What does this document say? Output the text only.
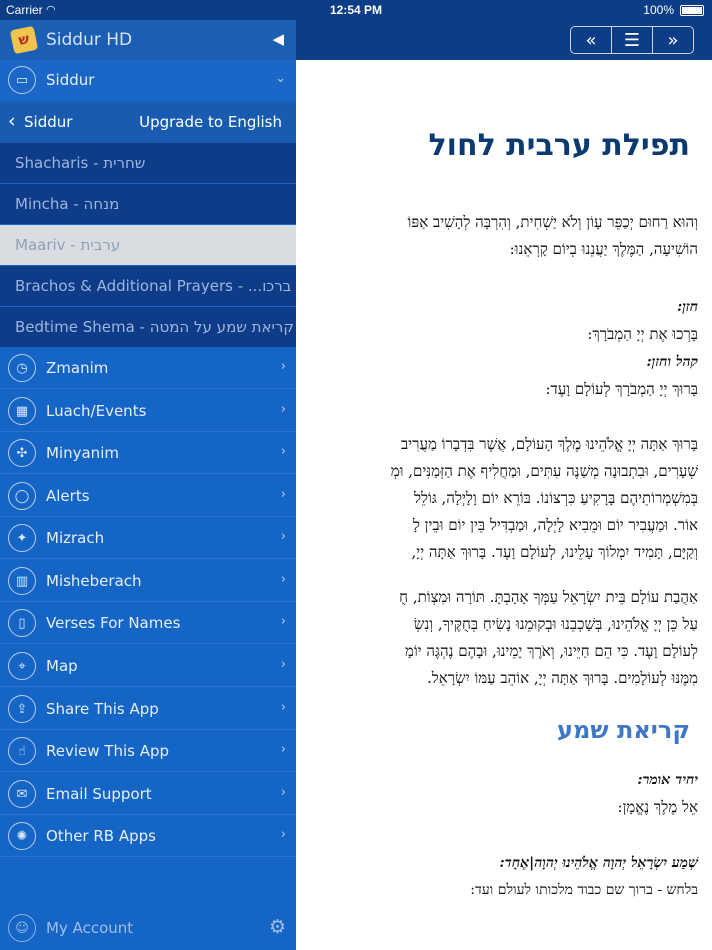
Carrier ◠	12:54 PM	100%
« ☰ »
תפילת ערבית לחול
וְהוּא רַחוּם יְכַפֵּר עָוֹן וְלֹא יַשְׁחִית, וְהִרְבָּה לְהָשִׁיב אַפּוֹ
הוֹשִׁיעָה, הַמֶּלֶךְ יַעֲנֵנוּ בְיוֹם קָרְאֵנוּ:
חזן:
בָּרְכוּ אֶת יְיָ הַמְבֹרָךְ:
קהל וחזן:
בָּרוּךְ יְיָ הַמְבֹרָךְ לְעוֹלָם וָעֶד:
בָּרוּךְ אַתָּה יְיָ אֱלֹהֵינוּ מֶלֶךְ הָעוֹלָם, אֲשֶׁר בִּדְבָרוֹ מַעֲרִיב
שְׁעָרִים, וּבִתְבוּנָה מְשַׁנֶּה עִתִּים, וּמַחֲלִיף אֶת הַזְּמַנִּים, וּמְ
בְּמִשְׁמְרוֹתֵיהֶם בָּרָקִיעַ כִּרְצוֹנוֹ. בּוֹרֵא יוֹם וָלָיְלָה, גּוֹלֵל
אוֹר. וּמַעֲבִיר יוֹם וּמֵבִיא לָיְלָה, וּמַבְדִּיל בֵּין יוֹם וּבֵין לָ
וְקַיָּם, תָּמִיד יִמְלוֹךְ עָלֵינוּ, לְעוֹלָם וָעֶד. בָּרוּךְ אַתָּה יְיָ,
אַהֲבַת עוֹלָם בֵּית יִשְׂרָאֵל עַמְּךָ אָהָבְתָּ. תּוֹרָה וּמִצְוֹת, חֻ
עַל כֵּן יְיָ אֱלֹהֵינוּ, בְּשָׁכְבֵנוּ וּבְקוּמֵנוּ נָשִׂיחַ בְּחֻקֶּיךָ, וְנִשְׂ
לְעוֹלָם וָעֶד. כִּי הֵם חַיֵּינוּ, וְאֹרֶךְ יָמֵינוּ, וּבָהֶם נֶהְגֶּה יוֹמָ
מִמֶּנּוּ לְעוֹלָמִים. בָּרוּךְ אַתָּה יְיָ, אוֹהֵב עַמּוֹ יִשְׂרָאֵל.
קריאת שמע
יחיד אומר:
אֵל מֶלֶךְ נֶאֱמָן:
שְׁמַע יִשְׂרָאֵל יְהוָה אֱלֹהֵינוּ יְהוָה|אֶחָד:
בלחש - ברוך שם כבוד מלכותו לעולם ועד:
ש Siddur HD	◀
▭	Siddur	⌄
‹ Siddur	Upgrade to English
Shacharis - שחרית
Mincha - מנחה
Maariv - ערבית
Brachos & Additional Prayers - ...ברכו
Bedtime Shema - קריאת שמע על המטה
◷	Zmanim	›
▦	Luach/Events	›
✣	Minyanim	›
◯	Alerts	›
✦	Mizrach	›
▥	Misheberach	›
▯	Verses For Names	›
⌖	Map	›
⇪	Share This App	›
☝	Review This App	›
✉	Email Support	›
✺	Other RB Apps	›
☺	My Account	⚙
